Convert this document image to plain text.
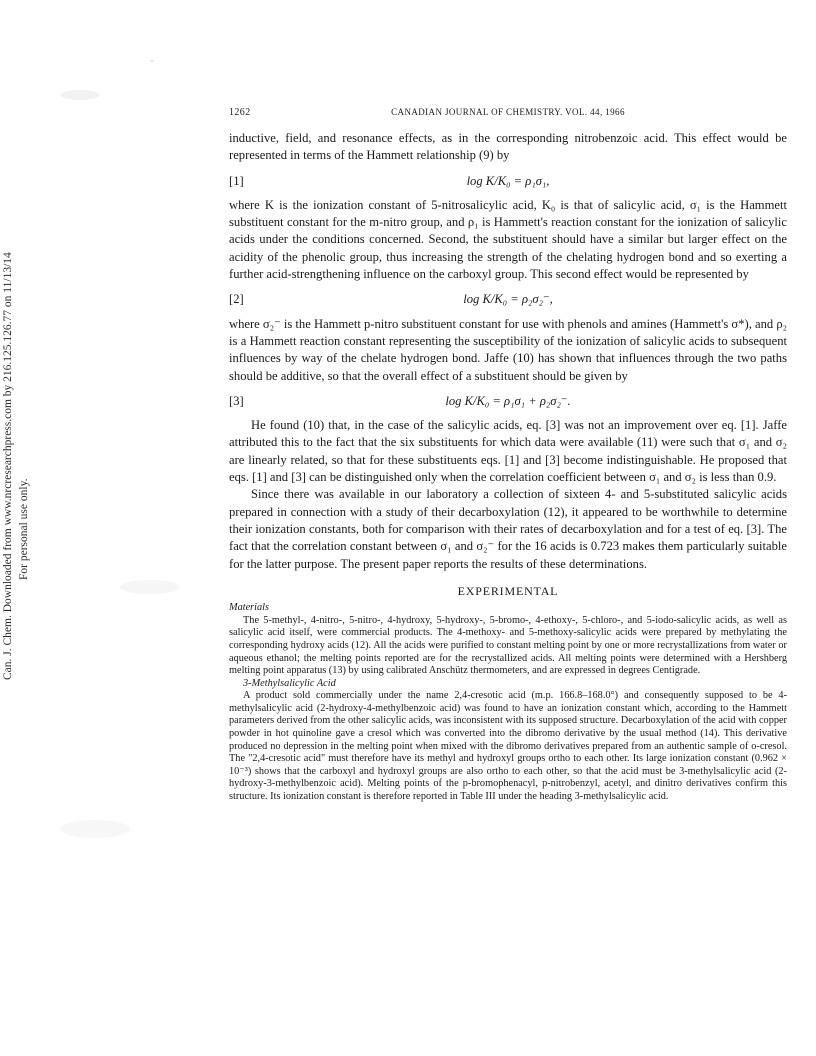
Can. J. Chem. Downloaded from www.nrcresearchpress.com by 216.125.126.77 on 11/13/14 For personal use only.
1262	CANADIAN JOURNAL OF CHEMISTRY. VOL. 44, 1966

inductive, field, and resonance effects, as in the corresponding nitrobenzoic acid. This effect would be represented in terms of the Hammett relationship (9) by

[1]	log K/K₀ = ρ₁σ₁,

where K is the ionization constant of 5-nitrosalicylic acid, K₀ is that of salicylic acid, σ₁ is the Hammett substituent constant for the m-nitro group, and ρ₁ is Hammett's reaction constant for the ionization of salicylic acids under the conditions concerned. Second, the substituent should have a similar but larger effect on the acidity of the phenolic group, thus increasing the strength of the chelating hydrogen bond and so exerting a further acid-strengthening influence on the carboxyl group. This second effect would be represented by

[2]	log K/K₀ = ρ₂σ₂⁻,

where σ₂⁻ is the Hammett p-nitro substituent constant for use with phenols and amines (Hammett's σ*), and ρ₂ is a Hammett reaction constant representing the susceptibility of the ionization of salicylic acids to subsequent influences by way of the chelate hydrogen bond. Jaffe (10) has shown that influences through the two paths should be additive, so that the overall effect of a substituent should be given by

[3]	log K/K₀ = ρ₁σ₁ + ρ₂σ₂⁻.

He found (10) that, in the case of the salicylic acids, eq. [3] was not an improvement over eq. [1]. Jaffe attributed this to the fact that the six substituents for which data were available (11) were such that σ₁ and σ₂ are linearly related, so that for these substituents eqs. [1] and [3] become indistinguishable. He proposed that eqs. [1] and [3] can be distinguished only when the correlation coefficient between σ₁ and σ₂ is less than 0.9.

Since there was available in our laboratory a collection of sixteen 4- and 5-substituted salicylic acids prepared in connection with a study of their decarboxylation (12), it appeared to be worthwhile to determine their ionization constants, both for comparison with their rates of decarboxylation and for a test of eq. [3]. The fact that the correlation constant between σ₁ and σ₂⁻ for the 16 acids is 0.723 makes them particularly suitable for the latter purpose. The present paper reports the results of these determinations.

EXPERIMENTAL

Materials

The 5-methyl-, 4-nitro-, 5-nitro-, 4-hydroxy, 5-hydroxy-, 5-bromo-, 4-ethoxy-, 5-chloro-, and 5-iodo-salicylic acids, as well as salicylic acid itself, were commercial products. The 4-methoxy- and 5-methoxy-salicylic acids were prepared by methylating the corresponding hydroxy acids (12). All the acids were purified to constant melting point by one or more recrystallizations from water or aqueous ethanol; the melting points reported are for the recrystallized acids. All melting points were determined with a Hershberg melting point apparatus (13) by using calibrated Anschütz thermometers, and are expressed in degrees Centigrade.

3-Methylsalicylic Acid

A product sold commercially under the name 2,4-cresotic acid (m.p. 166.8–168.0°) and consequently supposed to be 4-methylsalicylic acid (2-hydroxy-4-methylbenzoic acid) was found to have an ionization constant which, according to the Hammett parameters derived from the other salicylic acids, was inconsistent with its supposed structure. Decarboxylation of the acid with copper powder in hot quinoline gave a cresol which was converted into the dibromo derivative by the usual method (14). This derivative produced no depression in the melting point when mixed with the dibromo derivatives prepared from an authentic sample of o-cresol. The "2,4-cresotic acid" must therefore have its methyl and hydroxyl groups ortho to each other. Its large ionization constant (0.962 × 10⁻³) shows that the carboxyl and hydroxyl groups are also ortho to each other, so that the acid must be 3-methylsalicylic acid (2-hydroxy-3-methylbenzoic acid). Melting points of the p-bromophenacyl, p-nitrobenzyl, acetyl, and dinitro derivatives confirm this structure. Its ionization constant is therefore reported in Table III under the heading 3-methylsalicylic acid.
